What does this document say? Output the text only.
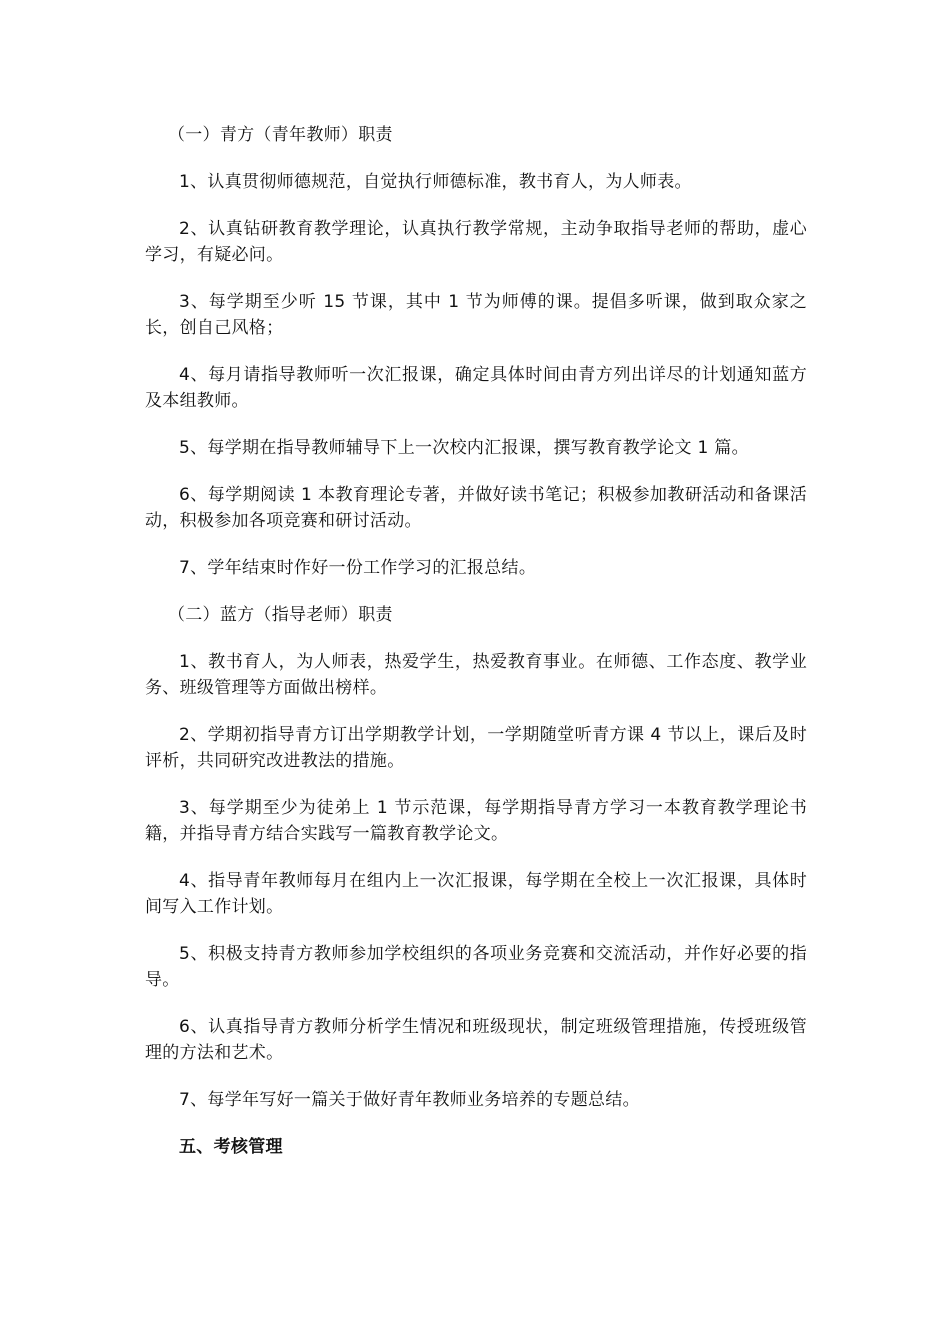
（一）青方（青年教师）职责

1、认真贯彻师德规范，自觉执行师德标准，教书育人，为人师表。

2、认真钻研教育教学理论，认真执行教学常规，主动争取指导老师的帮助，虚心学习，有疑必问。

3、每学期至少听 15 节课，其中 1 节为师傅的课。提倡多听课，做到取众家之长，创自己风格；

4、每月请指导教师听一次汇报课，确定具体时间由青方列出详尽的计划通知蓝方及本组教师。

5、每学期在指导教师辅导下上一次校内汇报课，撰写教育教学论文 1 篇。

6、每学期阅读 1 本教育理论专著，并做好读书笔记；积极参加教研活动和备课活动，积极参加各项竞赛和研讨活动。

7、学年结束时作好一份工作学习的汇报总结。

（二）蓝方（指导老师）职责

1、教书育人，为人师表，热爱学生，热爱教育事业。在师德、工作态度、教学业务、班级管理等方面做出榜样。

2、学期初指导青方订出学期教学计划，一学期随堂听青方课 4 节以上，课后及时评析，共同研究改进教法的措施。

3、每学期至少为徒弟上 1 节示范课，每学期指导青方学习一本教育教学理论书籍，并指导青方结合实践写一篇教育教学论文。

4、指导青年教师每月在组内上一次汇报课，每学期在全校上一次汇报课，具体时间写入工作计划。

5、积极支持青方教师参加学校组织的各项业务竞赛和交流活动，并作好必要的指导。

6、认真指导青方教师分析学生情况和班级现状，制定班级管理措施，传授班级管理的方法和艺术。

7、每学年写好一篇关于做好青年教师业务培养的专题总结。

五、考核管理
